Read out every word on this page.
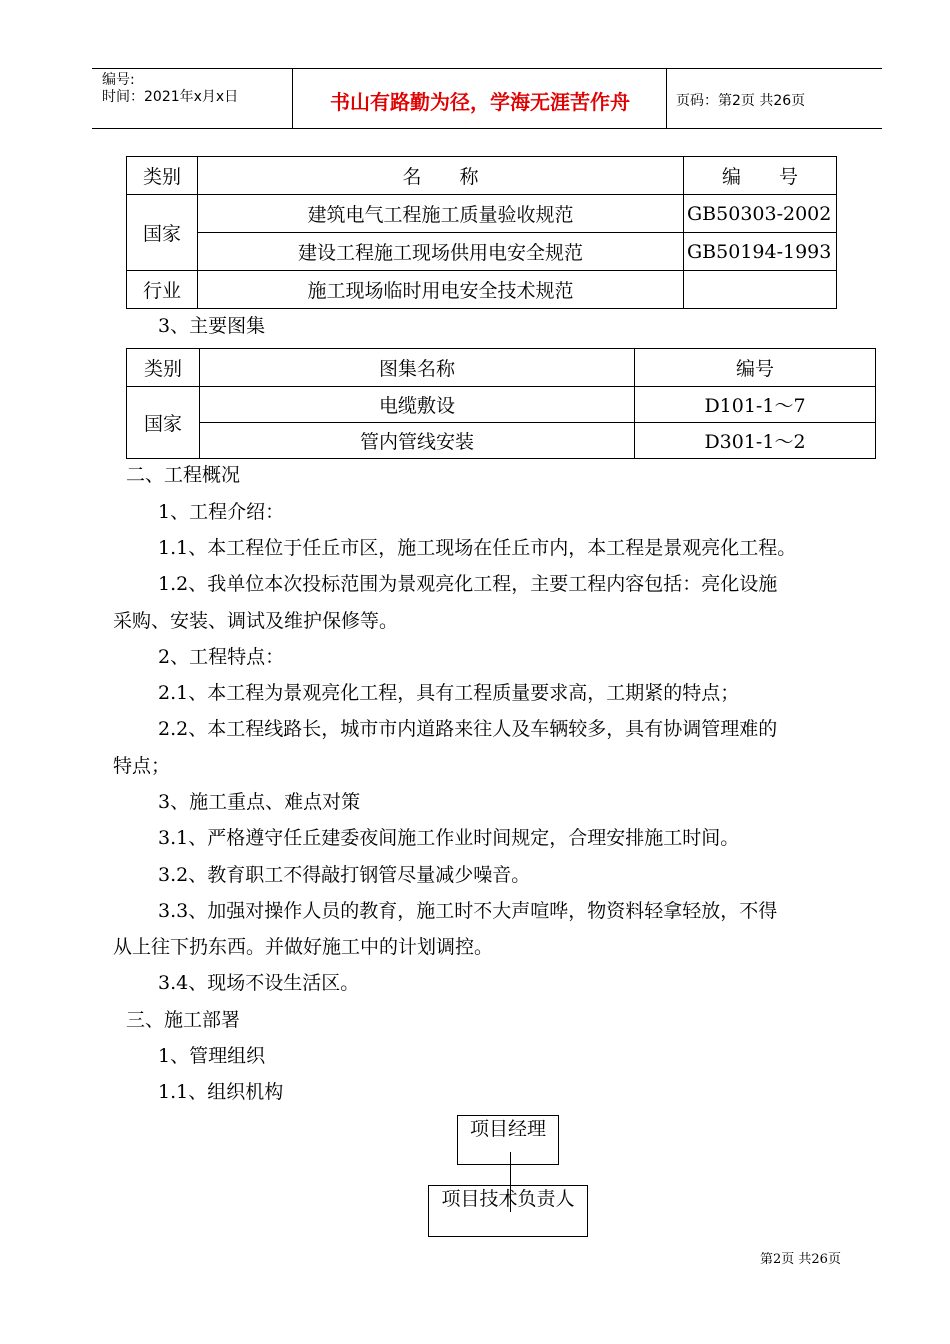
编号:
时间：2021年x月x日	书山有路勤为径，学海无涯苦作舟	页码：第2页 共26页
类别	名　　称	编　　号
国家	建筑电气工程施工质量验收规范	GB50303-2002
	建设工程施工现场供用电安全规范	GB50194-1993
行业	施工现场临时用电安全技术规范	
3、主要图集
类别	图集名称	编号
国家	电缆敷设	D101-1～7
	管内管线安装	D301-1～2
二、工程概况
1、工程介绍：
1.1、本工程位于任丘市区，施工现场在任丘市内，本工程是景观亮化工程。
1.2、我单位本次投标范围为景观亮化工程，主要工程内容包括：亮化设施
采购、安装、调试及维护保修等。
2、工程特点：
2.1、本工程为景观亮化工程，具有工程质量要求高，工期紧的特点；
2.2、本工程线路长，城市市内道路来往人及车辆较多，具有协调管理难的
特点；
3、施工重点、难点对策
3.1、严格遵守任丘建委夜间施工作业时间规定，合理安排施工时间。
3.2、教育职工不得敲打钢管尽量减少噪音。
3.3、加强对操作人员的教育，施工时不大声喧哗，物资料轻拿轻放，不得
从上往下扔东西。并做好施工中的计划调控。
3.4、现场不设生活区。
三、施工部署
1、管理组织
1.1、组织机构
项目经理
项目技术负责人
第2页 共26页
